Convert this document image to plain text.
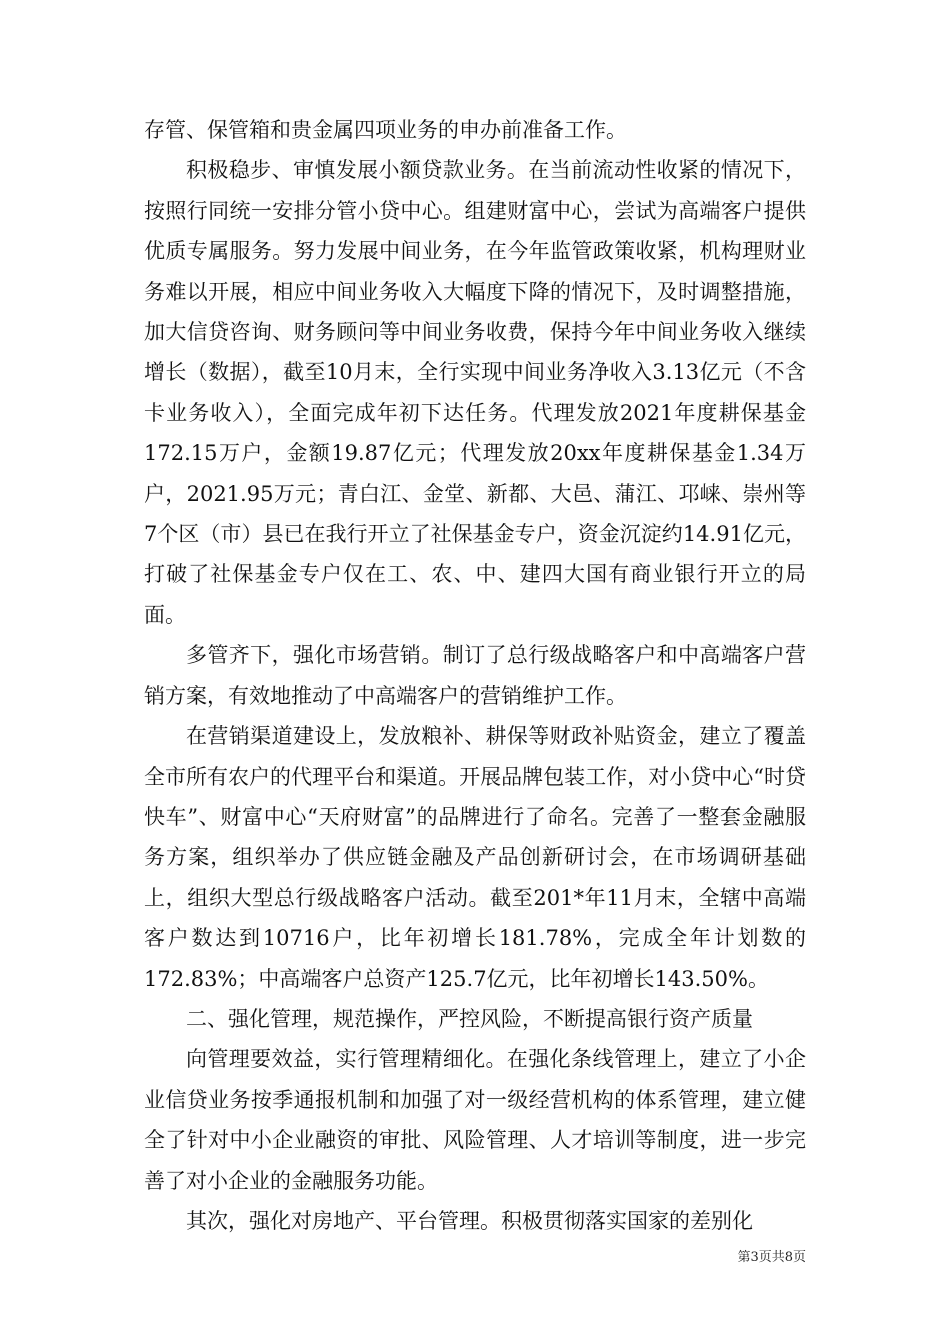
存管、保管箱和贵金属四项业务的申办前准备工作。

积极稳步、审慎发展小额贷款业务。在当前流动性收紧的情况下，按照行同统一安排分管小贷中心。组建财富中心，尝试为高端客户提供优质专属服务。努力发展中间业务，在今年监管政策收紧，机构理财业务难以开展，相应中间业务收入大幅度下降的情况下，及时调整措施，加大信贷咨询、财务顾问等中间业务收费，保持今年中间业务收入继续增长（数据），截至10月末，全行实现中间业务净收入3.13亿元（不含卡业务收入），全面完成年初下达任务。代理发放2021年度耕保基金172.15万户，金额19.87亿元；代理发放20xx年度耕保基金1.34万户，2021.95万元；青白江、金堂、新都、大邑、蒲江、邛崃、崇州等7个区（市）县已在我行开立了社保基金专户，资金沉淀约14.91亿元，打破了社保基金专户仅在工、农、中、建四大国有商业银行开立的局面。

多管齐下，强化市场营销。制订了总行级战略客户和中高端客户营销方案，有效地推动了中高端客户的营销维护工作。

在营销渠道建设上，发放粮补、耕保等财政补贴资金，建立了覆盖全市所有农户的代理平台和渠道。开展品牌包装工作，对小贷中心“时贷快车”、财富中心“天府财富”的品牌进行了命名。完善了一整套金融服务方案，组织举办了供应链金融及产品创新研讨会，在市场调研基础上，组织大型总行级战略客户活动。截至201*年11月末，全辖中高端客户数达到10716户，比年初增长181.78%，完成全年计划数的172.83%；中高端客户总资产125.7亿元，比年初增长143.50%。

二、强化管理，规范操作，严控风险，不断提高银行资产质量

向管理要效益，实行管理精细化。在强化条线管理上，建立了小企业信贷业务按季通报机制和加强了对一级经营机构的体系管理，建立健全了针对中小企业融资的审批、风险管理、人才培训等制度，进一步完善了对小企业的金融服务功能。

其次，强化对房地产、平台管理。积极贯彻落实国家的差别化

第3页共8页
